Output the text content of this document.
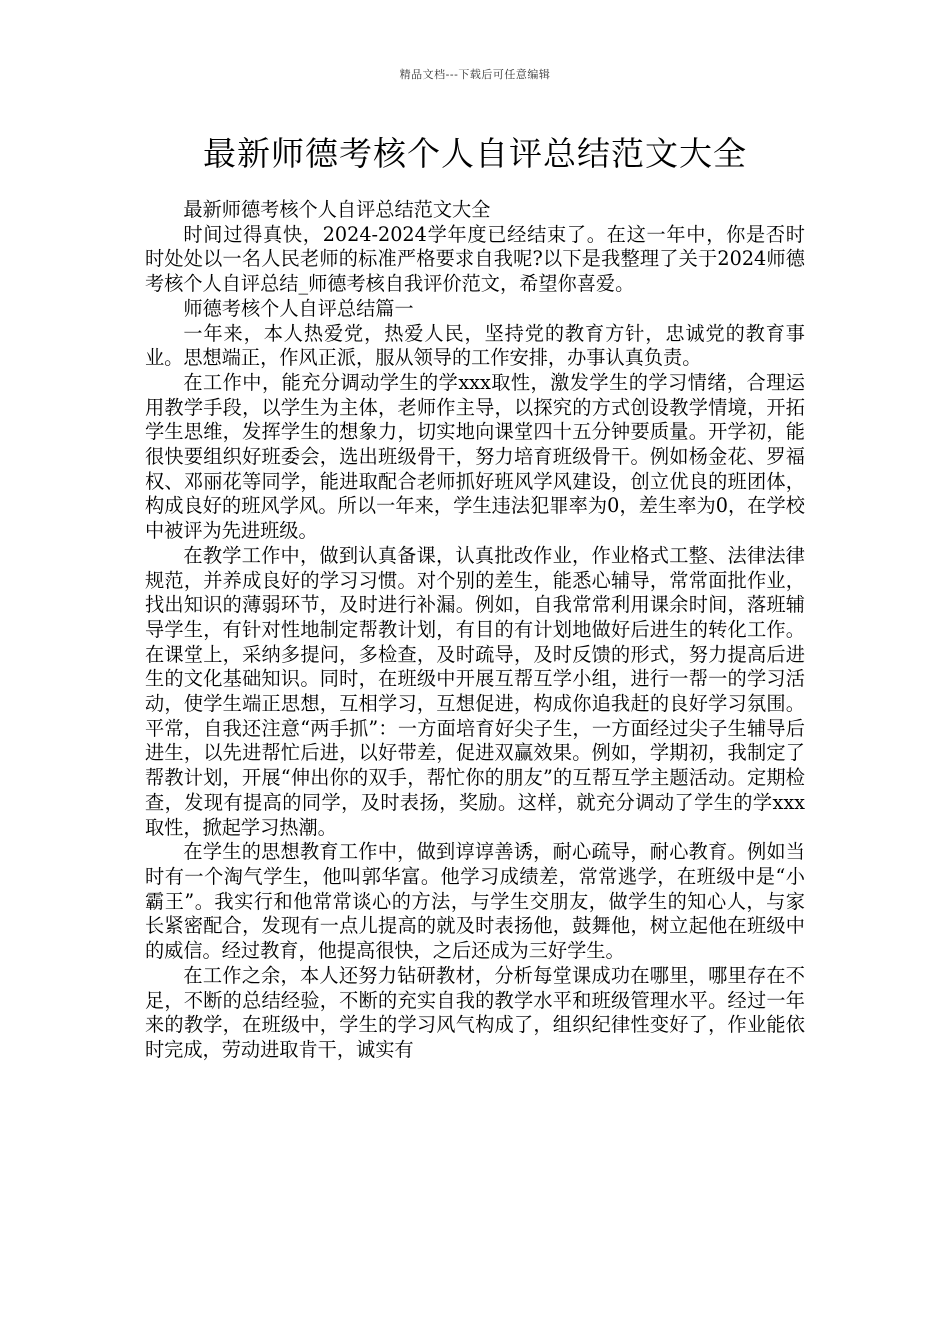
精品文档---下载后可任意编辑
最新师德考核个人自评总结范文大全

最新师德考核个人自评总结范文大全

时间过得真快，2024-2024学年度已经结束了。在这一年中，你是否时时处处以一名人民老师的标准严格要求自我呢?以下是我整理了关于2024师德考核个人自评总结_师德考核自我评价范文，希望你喜爱。

师德考核个人自评总结篇一

一年来，本人热爱党，热爱人民，坚持党的教育方针，忠诚党的教育事业。思想端正，作风正派，服从领导的工作安排，办事认真负责。

在工作中，能充分调动学生的学xxx取性，激发学生的学习情绪，合理运用教学手段，以学生为主体，老师作主导，以探究的方式创设教学情境，开拓学生思维，发挥学生的想象力，切实地向课堂四十五分钟要质量。开学初，能很快要组织好班委会，选出班级骨干，努力培育班级骨干。例如杨金花、罗福权、邓丽花等同学，能进取配合老师抓好班风学风建设，创立优良的班团体，构成良好的班风学风。所以一年来，学生违法犯罪率为0，差生率为0，在学校中被评为先进班级。

在教学工作中，做到认真备课，认真批改作业，作业格式工整、法律法律规范，并养成良好的学习习惯。对个别的差生，能悉心辅导，常常面批作业，找出知识的薄弱环节，及时进行补漏。例如，自我常常利用课余时间，落班辅导学生，有针对性地制定帮教计划，有目的有计划地做好后进生的转化工作。在课堂上，采纳多提问，多检查，及时疏导，及时反馈的形式，努力提高后进生的文化基础知识。同时，在班级中开展互帮互学小组，进行一帮一的学习活动，使学生端正思想，互相学习，互想促进，构成你追我赶的良好学习氛围。平常，自我还注意“两手抓”：一方面培育好尖子生，一方面经过尖子生辅导后进生，以先进帮忙后进，以好带差，促进双赢效果。例如，学期初，我制定了帮教计划，开展“伸出你的双手，帮忙你的朋友”的互帮互学主题活动。定期检查，发现有提高的同学，及时表扬，奖励。这样，就充分调动了学生的学xxx取性，掀起学习热潮。

在学生的思想教育工作中，做到谆谆善诱，耐心疏导，耐心教育。例如当时有一个淘气学生，他叫郭华富。他学习成绩差，常常逃学，在班级中是“小霸王”。我实行和他常常谈心的方法，与学生交朋友，做学生的知心人，与家长紧密配合，发现有一点儿提高的就及时表扬他，鼓舞他，树立起他在班级中的威信。经过教育，他提高很快，之后还成为三好学生。

在工作之余，本人还努力钻研教材，分析每堂课成功在哪里，哪里存在不足，不断的总结经验，不断的充实自我的教学水平和班级管理水平。经过一年来的教学，在班级中，学生的学习风气构成了，组织纪律性变好了，作业能依时完成，劳动进取肯干，诚实有
